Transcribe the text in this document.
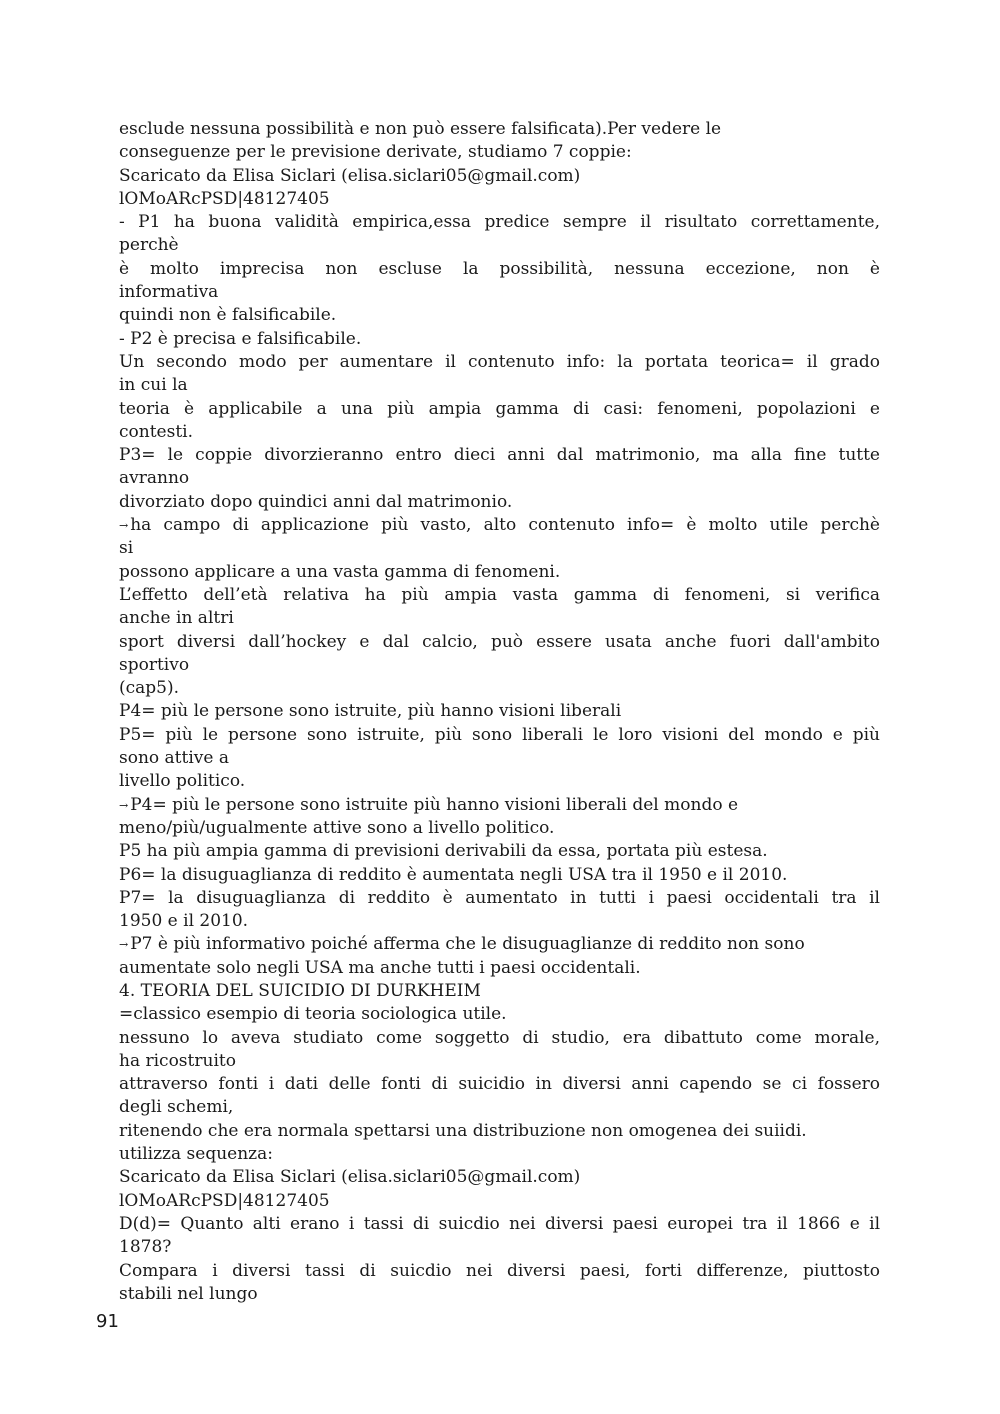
esclude nessuna possibilità e non può essere falsificata).Per vedere le
conseguenze per le previsione derivate, studiamo 7 coppie:
Scaricato da Elisa Siclari (elisa.siclari05@gmail.com)
lOMoARcPSD|48127405
- P1 ha buona validità empirica,essa predice sempre il risultato correttamente,
perchè
è molto imprecisa non escluse la possibilità, nessuna eccezione, non è
informativa
quindi non è falsificabile.
- P2 è precisa e falsificabile.
Un secondo modo per aumentare il contenuto info: la portata teorica= il grado
in cui la
teoria è applicabile a una più ampia gamma di casi: fenomeni, popolazioni e
contesti.
P3= le coppie divorzieranno entro dieci anni dal matrimonio, ma alla fine tutte
avranno
divorziato dopo quindici anni dal matrimonio.
→ ha campo di applicazione più vasto, alto contenuto info= è molto utile perchè
si
possono applicare a una vasta gamma di fenomeni.
L’effetto dell’età relativa ha più ampia vasta gamma di fenomeni, si verifica
anche in altri
sport diversi dall’hockey e dal calcio, può essere usata anche fuori dall'ambito
sportivo
(cap5).
P4= più le persone sono istruite, più hanno visioni liberali
P5= più le persone sono istruite, più sono liberali le loro visioni del mondo e più
sono attive a
livello politico.
→ P4= più le persone sono istruite più hanno visioni liberali del mondo e
meno/più/ugualmente attive sono a livello politico.
P5 ha più ampia gamma di previsioni derivabili da essa, portata più estesa.
P6= la disuguaglianza di reddito è aumentata negli USA tra il 1950 e il 2010.
P7= la disuguaglianza di reddito è aumentato in tutti i paesi occidentali tra il
1950 e il 2010.
→ P7 è più informativo poiché afferma che le disuguaglianze di reddito non sono
aumentate solo negli USA ma anche tutti i paesi occidentali.
4. TEORIA DEL SUICIDIO DI DURKHEIM
=classico esempio di teoria sociologica utile.
nessuno lo aveva studiato come soggetto di studio, era dibattuto come morale,
ha ricostruito
attraverso fonti i dati delle fonti di suicidio in diversi anni capendo se ci fossero
degli schemi,
ritenendo che era normala spettarsi una distribuzione non omogenea dei suiidi.
utilizza sequenza:
Scaricato da Elisa Siclari (elisa.siclari05@gmail.com)
lOMoARcPSD|48127405
D(d)= Quanto alti erano i tassi di suicdio nei diversi paesi europei tra il 1866 e il
1878?
Compara i diversi tassi di suicdio nei diversi paesi, forti differenze, piuttosto
stabili nel lungo
91
